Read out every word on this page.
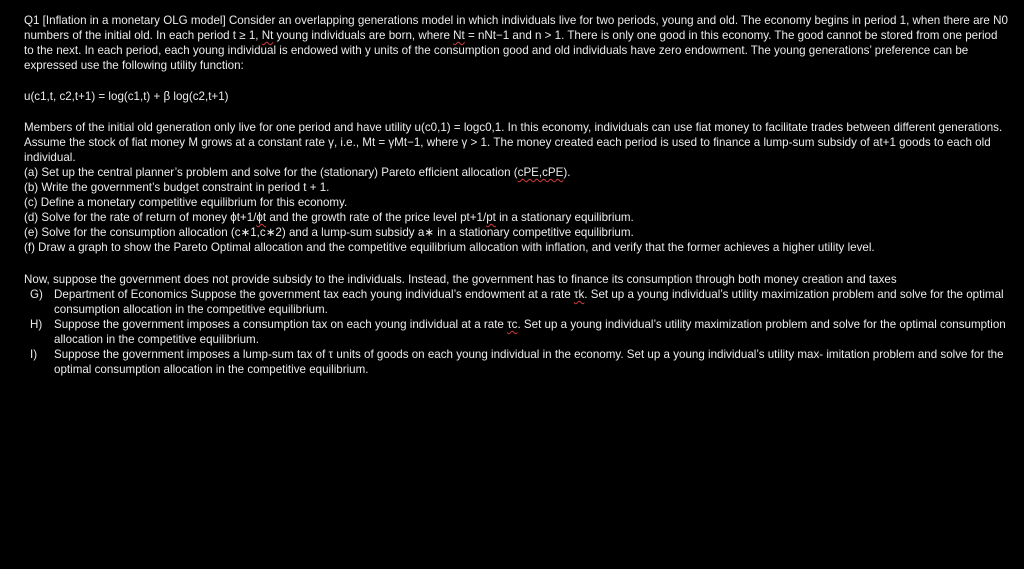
Q1 [Inflation in a monetary OLG model] Consider an overlapping generations model in which individuals live for two periods, young and old. The economy begins in period 1, when there are N0 numbers of the initial old. In each period t ≥ 1, Nt young individuals are born, where Nt = nNt−1 and n > 1. There is only one good in this economy. The good cannot be stored from one period to the next. In each period, each young individual is endowed with y units of the consumption good and old individuals have zero endowment. The young generations’ preference can be expressed use the following utility function:

u(c1,t, c2,t+1) = log(c1,t) + β log(c2,t+1)

Members of the initial old generation only live for one period and have utility u(c0,1) = logc0,1. In this economy, individuals can use fiat money to facilitate trades between different generations. Assume the stock of fiat money M grows at a constant rate γ, i.e., Mt = γMt−1, where γ > 1. The money created each period is used to finance a lump-sum subsidy of at+1 goods to each old individual.

(a) Set up the central planner’s problem and solve for the (stationary) Pareto efficient allocation (cPE,cPE).

(b) Write the government’s budget constraint in period t + 1.

(c) Define a monetary competitive equilibrium for this economy.

(d) Solve for the rate of return of money ϕt+1/ϕt and the growth rate of the price level pt+1/pt in a stationary equilibrium.

(e) Solve for the consumption allocation (c∗1,c∗2) and a lump-sum subsidy a∗ in a stationary competitive equilibrium.

(f) Draw a graph to show the Pareto Optimal allocation and the competitive equilibrium allocation with inflation, and verify that the former achieves a higher utility level.

Now, suppose the government does not provide subsidy to the individuals. Instead, the government has to finance its consumption through both money creation and taxes

G) Department of Economics Suppose the government tax each young individual’s endowment at a rate τk. Set up a young individual’s utility maximization problem and solve for the optimal consumption allocation in the competitive equilibrium.
H) Suppose the government imposes a consumption tax on each young individual at a rate τc. Set up a young individual’s utility maximization problem and solve for the optimal consumption allocation in the competitive equilibrium.
I) Suppose the government imposes a lump-sum tax of τ units of goods on each young individual in the economy. Set up a young individual’s utility max- imitation problem and solve for the optimal consumption allocation in the competitive equilibrium.
